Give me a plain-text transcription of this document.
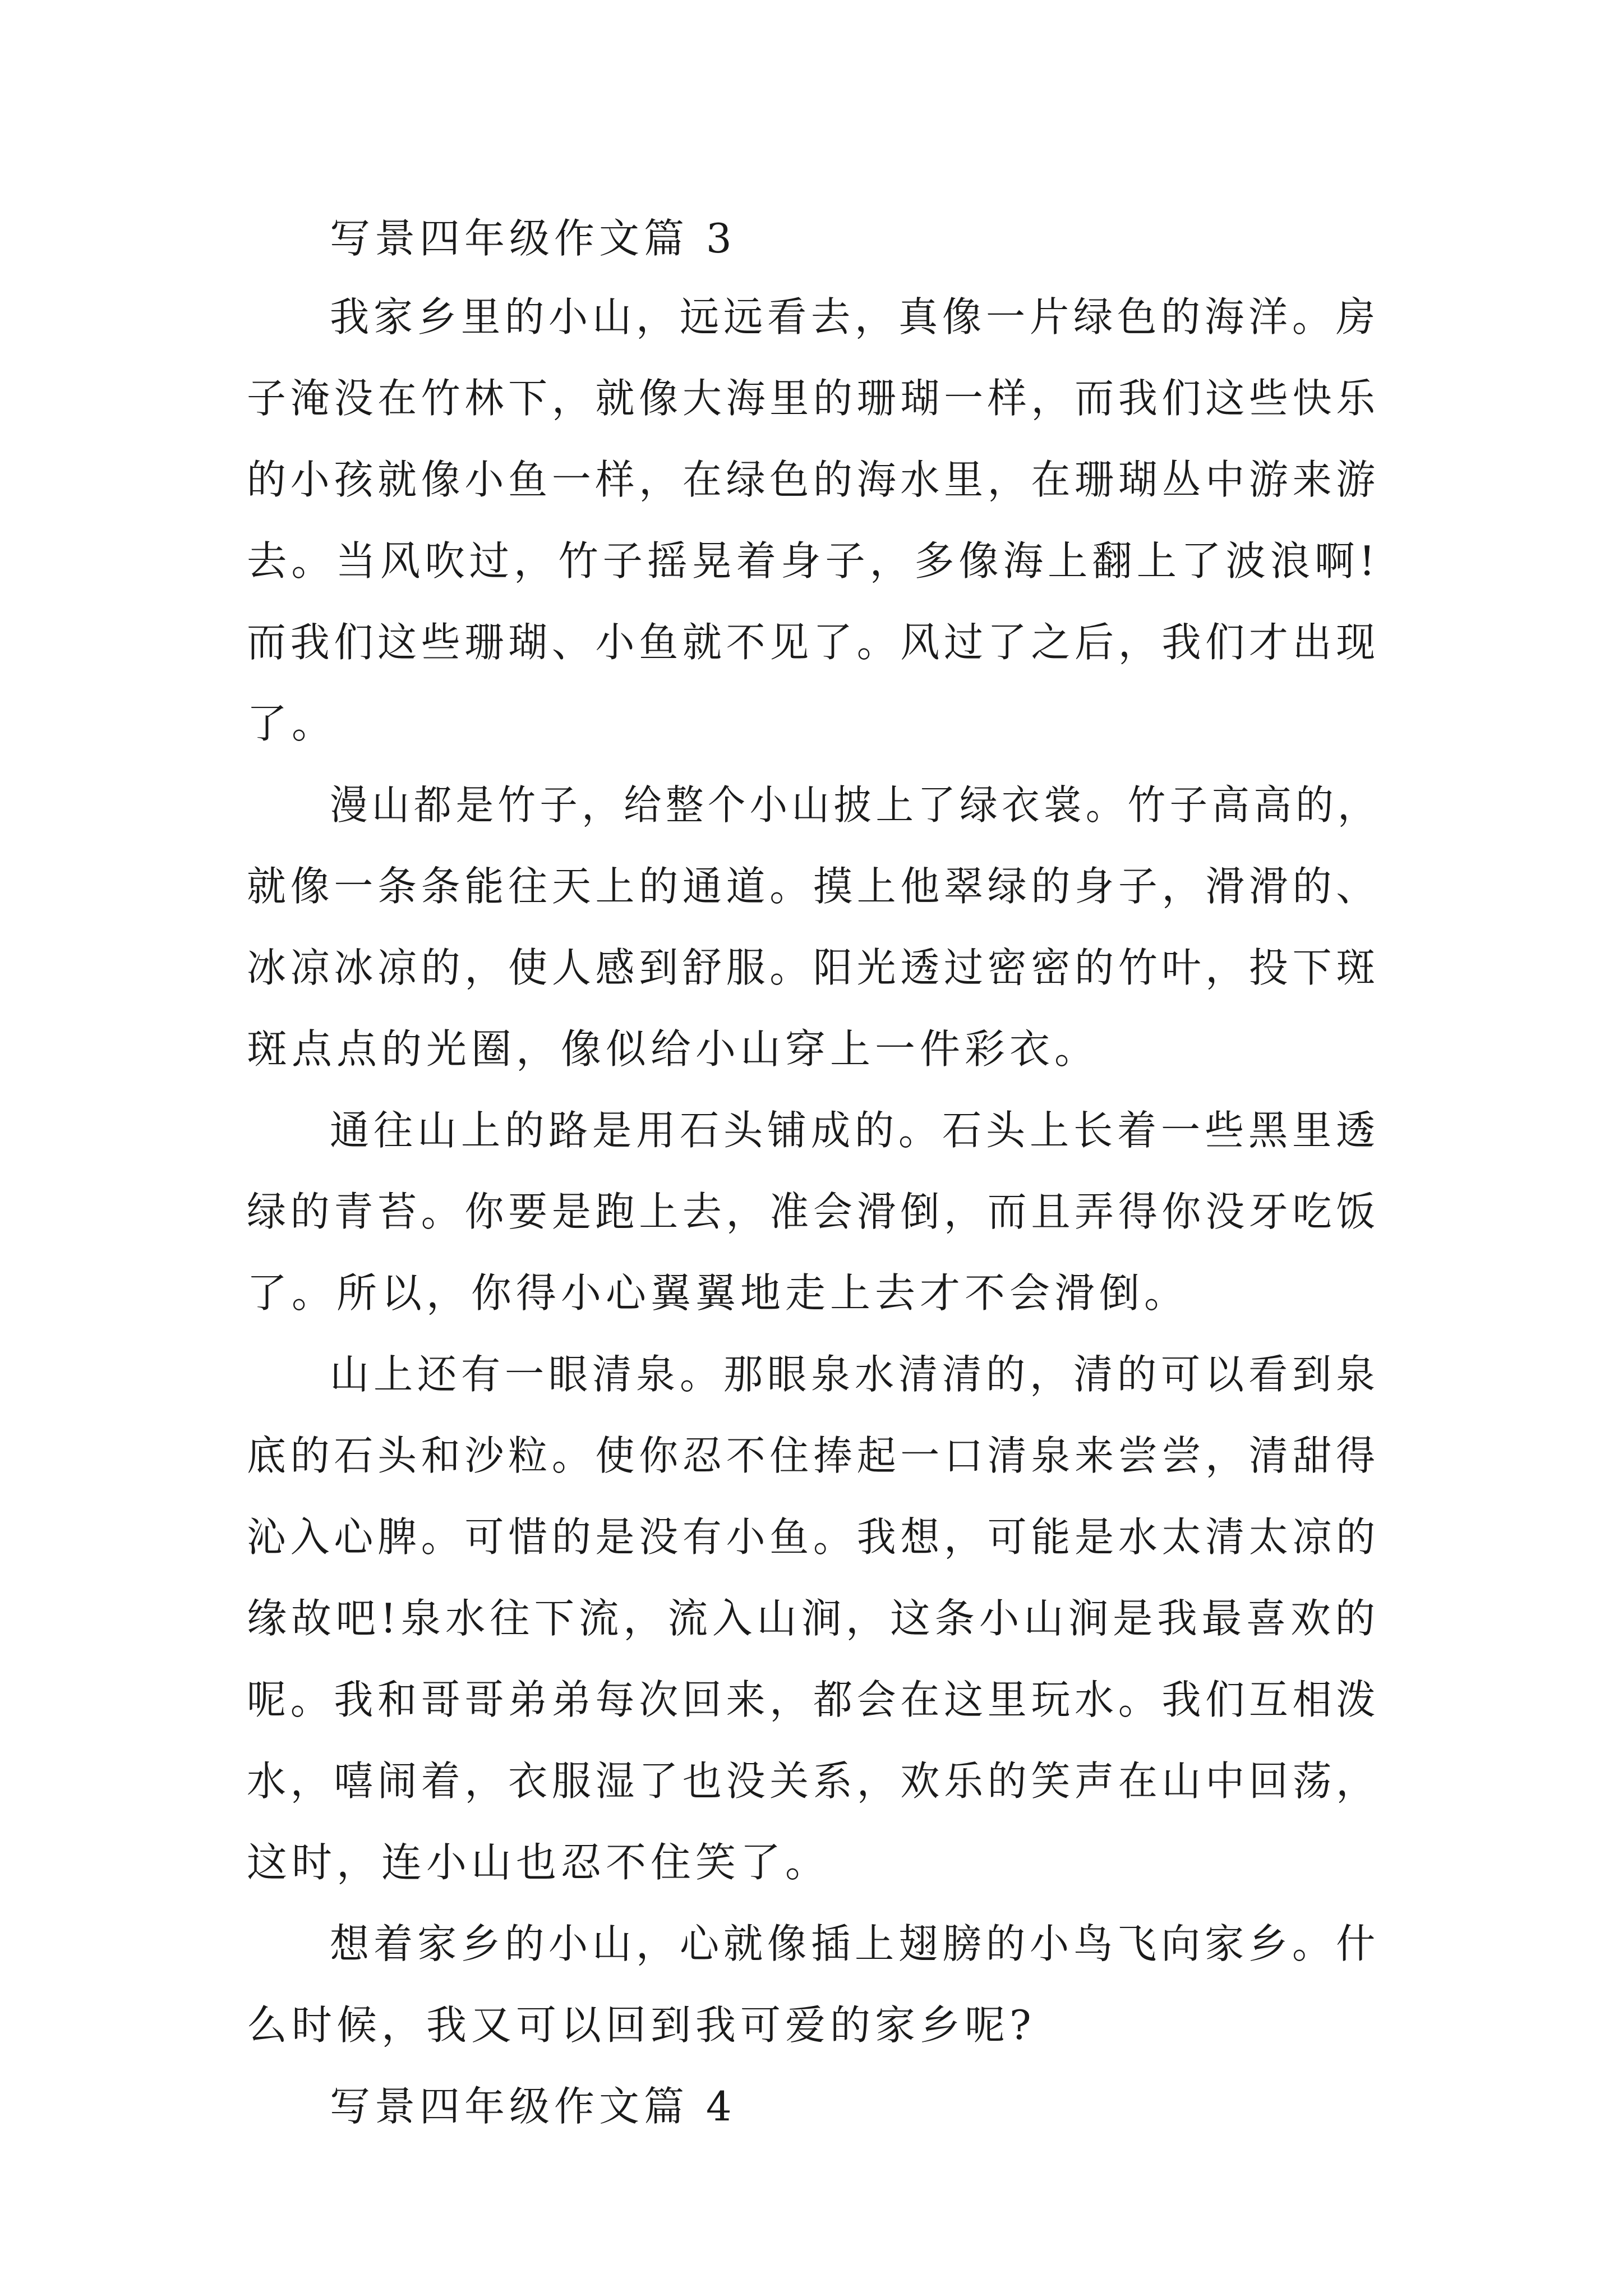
写景四年级作文篇 3
我家乡里的小山，远远看去，真像一片绿色的海洋。房
子淹没在竹林下，就像大海里的珊瑚一样，而我们这些快乐
的小孩就像小鱼一样，在绿色的海水里，在珊瑚丛中游来游
去。当风吹过，竹子摇晃着身子，多像海上翻上了波浪啊!
而我们这些珊瑚、小鱼就不见了。风过了之后，我们才出现
了。
漫山都是竹子，给整个小山披上了绿衣裳。竹子高高的，
就像一条条能往天上的通道。摸上他翠绿的身子，滑滑的、
冰凉冰凉的，使人感到舒服。阳光透过密密的竹叶，投下斑
斑点点的光圈，像似给小山穿上一件彩衣。
通往山上的路是用石头铺成的。石头上长着一些黑里透
绿的青苔。你要是跑上去，准会滑倒，而且弄得你没牙吃饭
了。所以，你得小心翼翼地走上去才不会滑倒。
山上还有一眼清泉。那眼泉水清清的，清的可以看到泉
底的石头和沙粒。使你忍不住捧起一口清泉来尝尝，清甜得
沁入心脾。可惜的是没有小鱼。我想，可能是水太清太凉的
缘故吧!泉水往下流，流入山涧，这条小山涧是我最喜欢的
呢。我和哥哥弟弟每次回来，都会在这里玩水。我们互相泼
水，嘻闹着，衣服湿了也没关系，欢乐的笑声在山中回荡，
这时，连小山也忍不住笑了。
想着家乡的小山，心就像插上翅膀的小鸟飞向家乡。什
么时候，我又可以回到我可爱的家乡呢?
写景四年级作文篇 4
